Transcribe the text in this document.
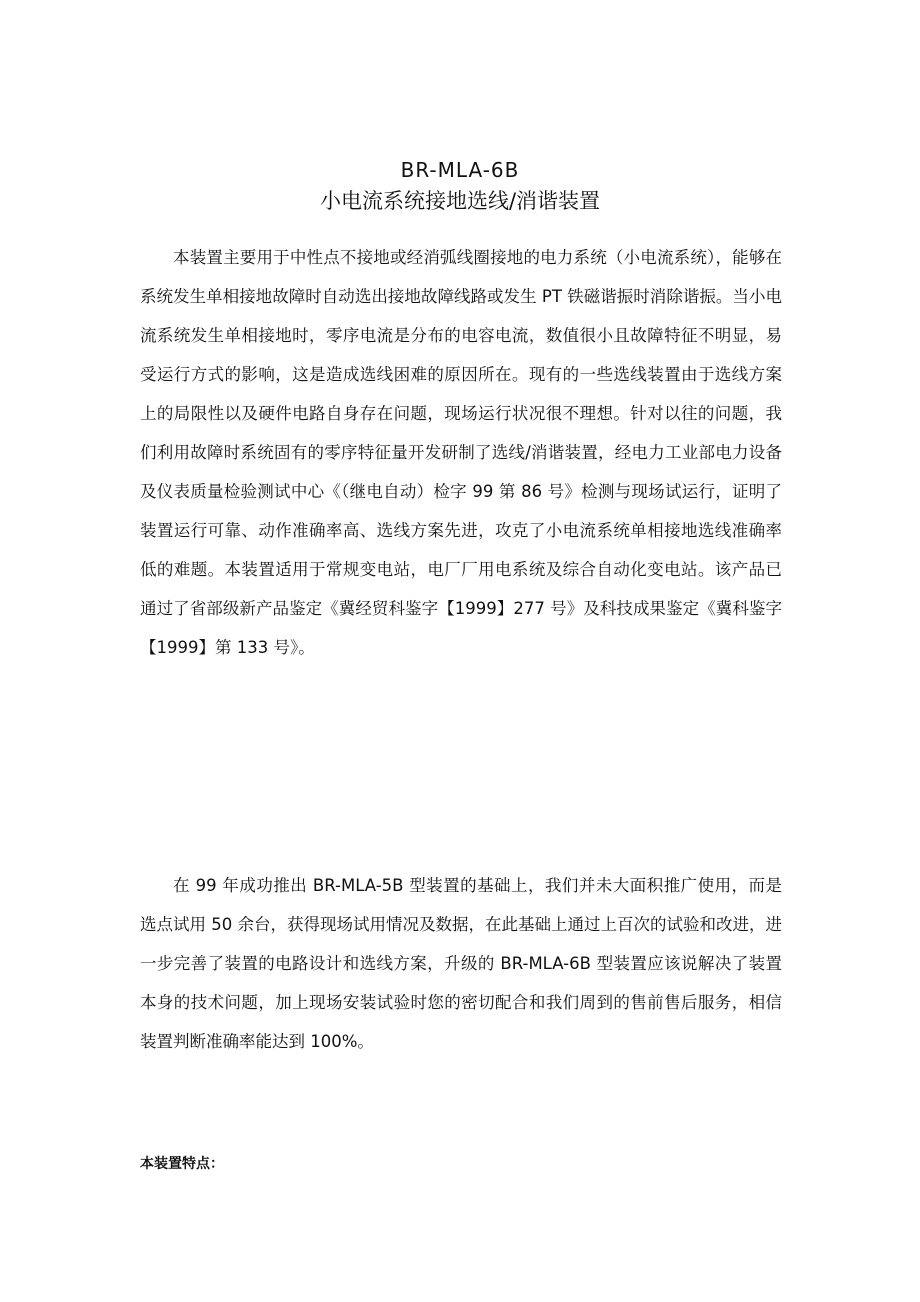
BR-MLA-6B
小电流系统接地选线/消谐装置

本装置主要用于中性点不接地或经消弧线圈接地的电力系统（小电流系统），能够在系统发生单相接地故障时自动选出接地故障线路或发生 PT 铁磁谐振时消除谐振。当小电流系统发生单相接地时，零序电流是分布的电容电流，数值很小且故障特征不明显，易受运行方式的影响，这是造成选线困难的原因所在。现有的一些选线装置由于选线方案上的局限性以及硬件电路自身存在问题，现场运行状况很不理想。针对以往的问题，我们利用故障时系统固有的零序特征量开发研制了选线/消谐装置，经电力工业部电力设备及仪表质量检验测试中心《（继电自动）检字 99 第 86 号》检测与现场试运行，证明了装置运行可靠、动作准确率高、选线方案先进，攻克了小电流系统单相接地选线准确率低的难题。本装置适用于常规变电站，电厂厂用电系统及综合自动化变电站。该产品已通过了省部级新产品鉴定《冀经贸科鉴字【1999】277 号》及科技成果鉴定《冀科鉴字【1999】第 133 号》。

在 99 年成功推出 BR-MLA-5B 型装置的基础上，我们并未大面积推广使用，而是选点试用 50 余台，获得现场试用情况及数据，在此基础上通过上百次的试验和改进，进一步完善了装置的电路设计和选线方案，升级的 BR-MLA-6B 型装置应该说解决了装置本身的技术问题，加上现场安装试验时您的密切配合和我们周到的售前售后服务，相信装置判断准确率能达到 100%。

本装置特点：
